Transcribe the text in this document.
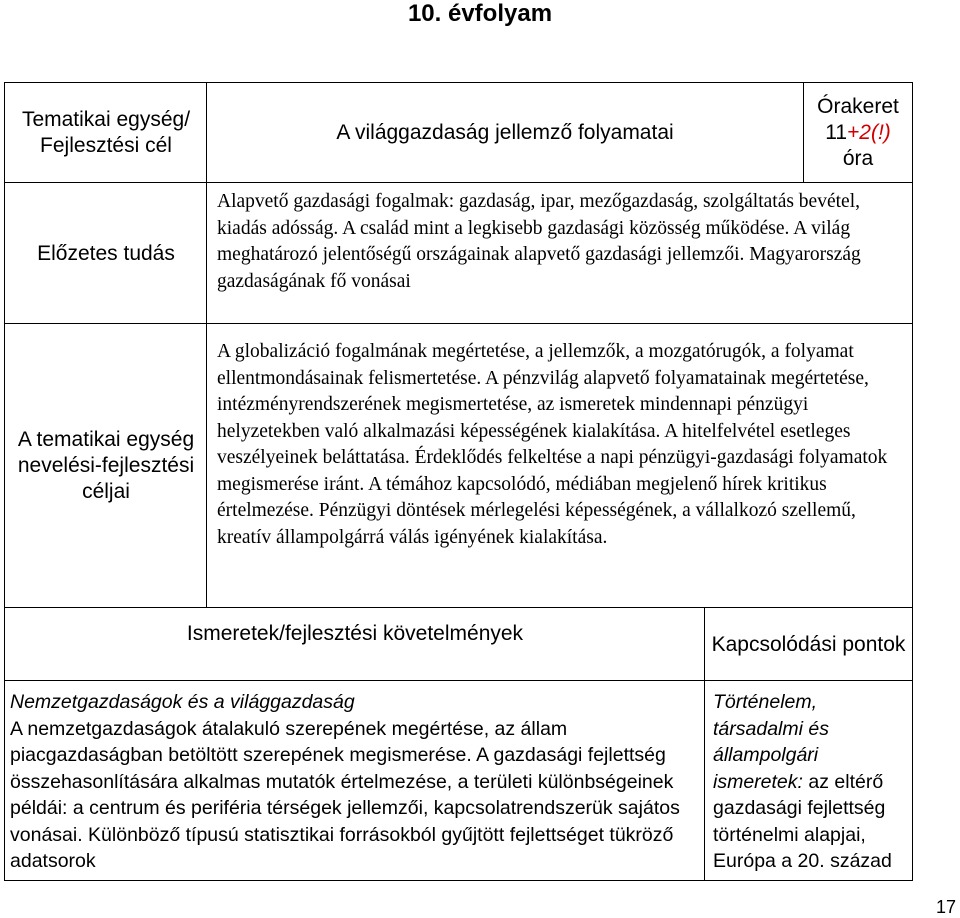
10. évfolyam
Tematikai egység/ Fejlesztési cél
A világgazdaság jellemző folyamatai
Órakeret
11+2(!)
óra
Előzetes tudás
Alapvető gazdasági fogalmak: gazdaság, ipar, mezőgazdaság, szolgáltatás bevétel, kiadás adósság. A család mint a legkisebb gazdasági közösség működése. A világ meghatározó jelentőségű országainak alapvető gazdasági jellemzői. Magyarország gazdaságának fő vonásai
A tematikai egység nevelési-fejlesztési céljai
A globalizáció fogalmának megértetése, a jellemzők, a mozgatórugók, a folyamat ellentmondásainak felismertetése. A pénzvilág alapvető folyamatainak megértetése, intézményrendszerének megismertetése, az ismeretek mindennapi pénzügyi helyzetekben való alkalmazási képességének kialakítása. A hitelfelvétel esetleges veszélyeinek beláttatása. Érdeklődés felkeltése a napi pénzügyi-gazdasági folyamatok megismerése iránt. A témához kapcsolódó, médiában megjelenő hírek kritikus értelmezése. Pénzügyi döntések mérlegelési képességének, a vállalkozó szellemű, kreatív állampolgárrá válás igényének kialakítása.
Ismeretek/fejlesztési követelmények	Kapcsolódási pontok
Nemzetgazdaságok és a világgazdaság
A nemzetgazdaságok átalakuló szerepének megértése, az állam piacgazdaságban betöltött szerepének megismerése. A gazdasági fejlettség összehasonlítására alkalmas mutatók értelmezése, a területi különbségeinek példái: a centrum és periféria térségek jellemzői, kapcsolatrendszerük sajátos vonásai. Különböző típusú statisztikai forrásokból gyűjtött fejlettséget tükröző adatsorok
Történelem, társadalmi és állampolgári ismeretek: az eltérő gazdasági fejlettség történelmi alapjai, Európa a 20. század
17
